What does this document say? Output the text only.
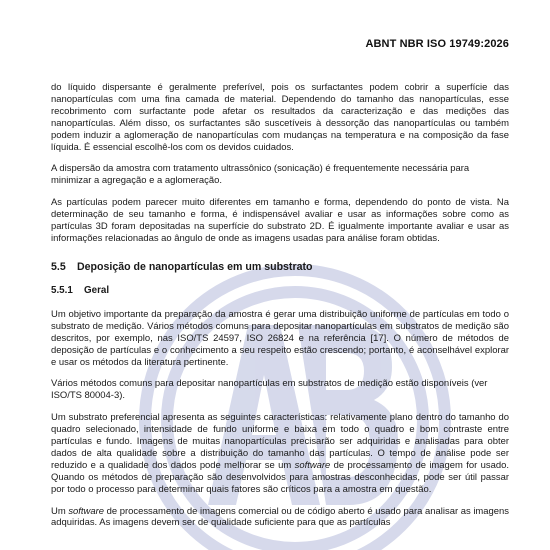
ABNT NBR ISO 19749:2026

do líquido dispersante é geralmente preferível, pois os surfactantes podem cobrir a superfície das nanopartículas com uma fina camada de material. Dependendo do tamanho das nanopartículas, esse recobrimento com surfactante pode afetar os resultados da caracterização e das medições das nanopartículas. Além disso, os surfactantes são suscetíveis à dessorção das nanopartículas ou também podem induzir a aglomeração de nanopartículas com mudanças na temperatura e na composição da fase líquida. É essencial escolhê-los com os devidos cuidados.

A dispersão da amostra com tratamento ultrassônico (sonicação) é frequentemente necessária para minimizar a agregação e a aglomeração.

As partículas podem parecer muito diferentes em tamanho e forma, dependendo do ponto de vista. Na determinação de seu tamanho e forma, é indispensável avaliar e usar as informações sobre como as partículas 3D foram depositadas na superfície do substrato 2D. É igualmente importante avaliar e usar as informações relacionadas ao ângulo de onde as imagens usadas para análise foram obtidas.

5.5 Deposição de nanopartículas em um substrato
5.5.1 Geral

Um objetivo importante da preparação da amostra é gerar uma distribuição uniforme de partículas em todo o substrato de medição. Vários métodos comuns para depositar nanopartículas em substratos de medição são descritos, por exemplo, nas ISO/TS 24597, ISO 26824 e na referência [17]. O número de métodos de deposição de partículas e o conhecimento a seu respeito estão crescendo; portanto, é aconselhável explorar e usar os métodos da literatura pertinente.

Vários métodos comuns para depositar nanopartículas em substratos de medição estão disponíveis (ver ISO/TS 80004-3).

Um substrato preferencial apresenta as seguintes características: relativamente plano dentro do tamanho do quadro selecionado, intensidade de fundo uniforme e baixa em todo o quadro e bom contraste entre partículas e fundo. Imagens de muitas nanopartículas precisarão ser adquiridas e analisadas para obter dados de alta qualidade sobre a distribuição do tamanho das partículas. O tempo de análise pode ser reduzido e a qualidade dos dados pode melhorar se um software de processamento de imagem for usado. Quando os métodos de preparação são desenvolvidos para amostras desconhecidas, pode ser útil passar por todo o processo para determinar quais fatores são críticos para a amostra em questão.

Um software de processamento de imagens comercial ou de código aberto é usado para analisar as imagens adquiridas. As imagens devem ser de qualidade suficiente para que as partículas
